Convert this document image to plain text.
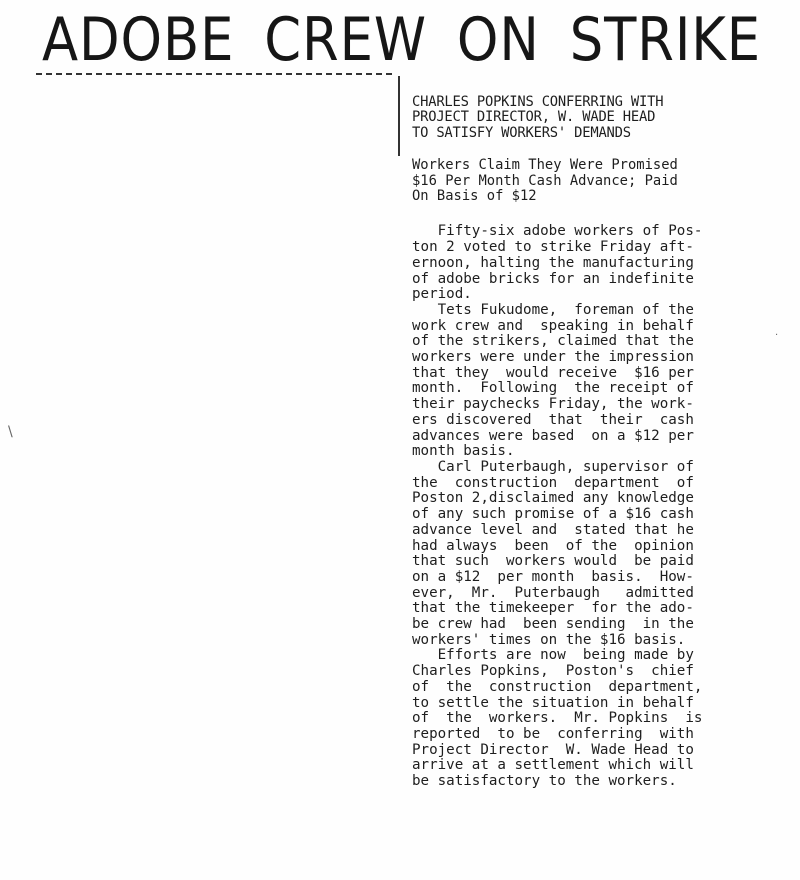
ADOBE CREW ON STRIKE
CHARLES POPKINS CONFERRING WITH
PROJECT DIRECTOR, W. WADE HEAD
TO SATISFY WORKERS' DEMANDS
Workers Claim They Were Promised
$16 Per Month Cash Advance; Paid
On Basis of $12
Fifty-six adobe workers of Pos-
ton 2 voted to strike Friday aft-
ernoon, halting the manufacturing
of adobe bricks for an indefinite
period.
Tets Fukudome,  foreman of the
work crew and  speaking in behalf
of the strikers, claimed that the
workers were under the impression
that they  would receive  $16 per
month.  Following  the receipt of
their paychecks Friday, the work-
ers discovered  that  their  cash
advances were based  on a $12 per
month basis.
Carl Puterbaugh, supervisor of
the  construction  department  of
Poston 2,disclaimed any knowledge
of any such promise of a $16 cash
advance level and  stated that he
had always  been  of the  opinion
that such  workers would  be paid
on a $12  per month  basis.  How-
ever,  Mr.  Puterbaugh   admitted
that the timekeeper  for the ado-
be crew had  been sending  in the
workers' times on the $16 basis.
Efforts are now  being made by
Charles Popkins,  Poston's  chief
of  the  construction  department,
to settle the situation in behalf
of  the  workers.  Mr. Popkins  is
reported  to be  conferring  with
Project Director  W. Wade Head to
arrive at a settlement which will
be satisfactory to the workers.
\
·
